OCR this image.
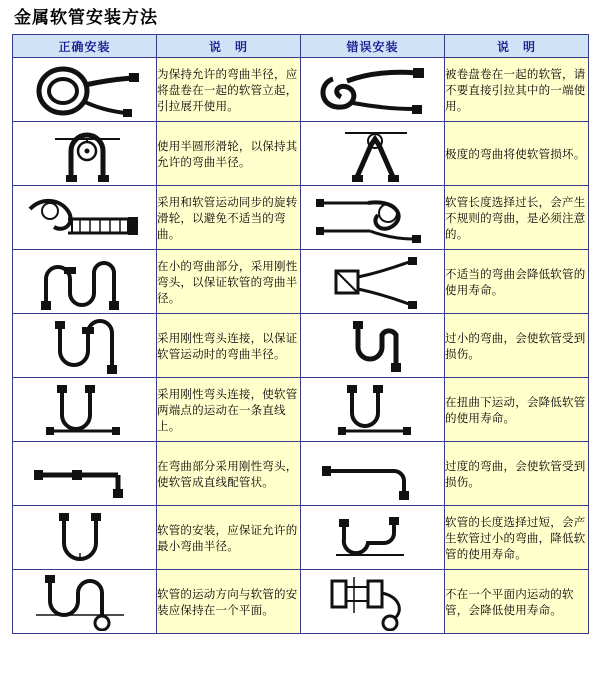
金属软管安装方法
正确安装	说　明	错误安装	说　明

	为保持允许的弯曲半径，应将盘卷在一起的软管立起，引拉展开使用。		被卷盘卷在一起的软管，请不要直接引拉其中的一端使用。

	使用半圆形滑轮，以保持其允许的弯曲半径。		极度的弯曲将使软管损坏。

	采用和软管运动同步的旋转滑轮，以避免不适当的弯曲。		软管长度选择过长，会产生不规则的弯曲，是必须注意的。

	在小的弯曲部分，采用刚性弯头，以保证软管的弯曲半径。		不适当的弯曲会降低软管的使用寿命。

	采用刚性弯头连接，以保证软管运动时的弯曲半径。		过小的弯曲，会使软管受到损伤。

	采用刚性弯头连接，使软管两端点的运动在一条直线上。		在扭曲下运动，会降低软管的使用寿命。

	在弯曲部分采用刚性弯头，使软管成直线配管状。		过度的弯曲，会使软管受到损伤。

	软管的安装，应保证允许的最小弯曲半径。		软管的长度选择过短，会产生软管过小的弯曲，降低软管的使用寿命。

	软管的运动方向与软管的安装应保持在一个平面。		不在一个平面内运动的软管，会降低使用寿命。
